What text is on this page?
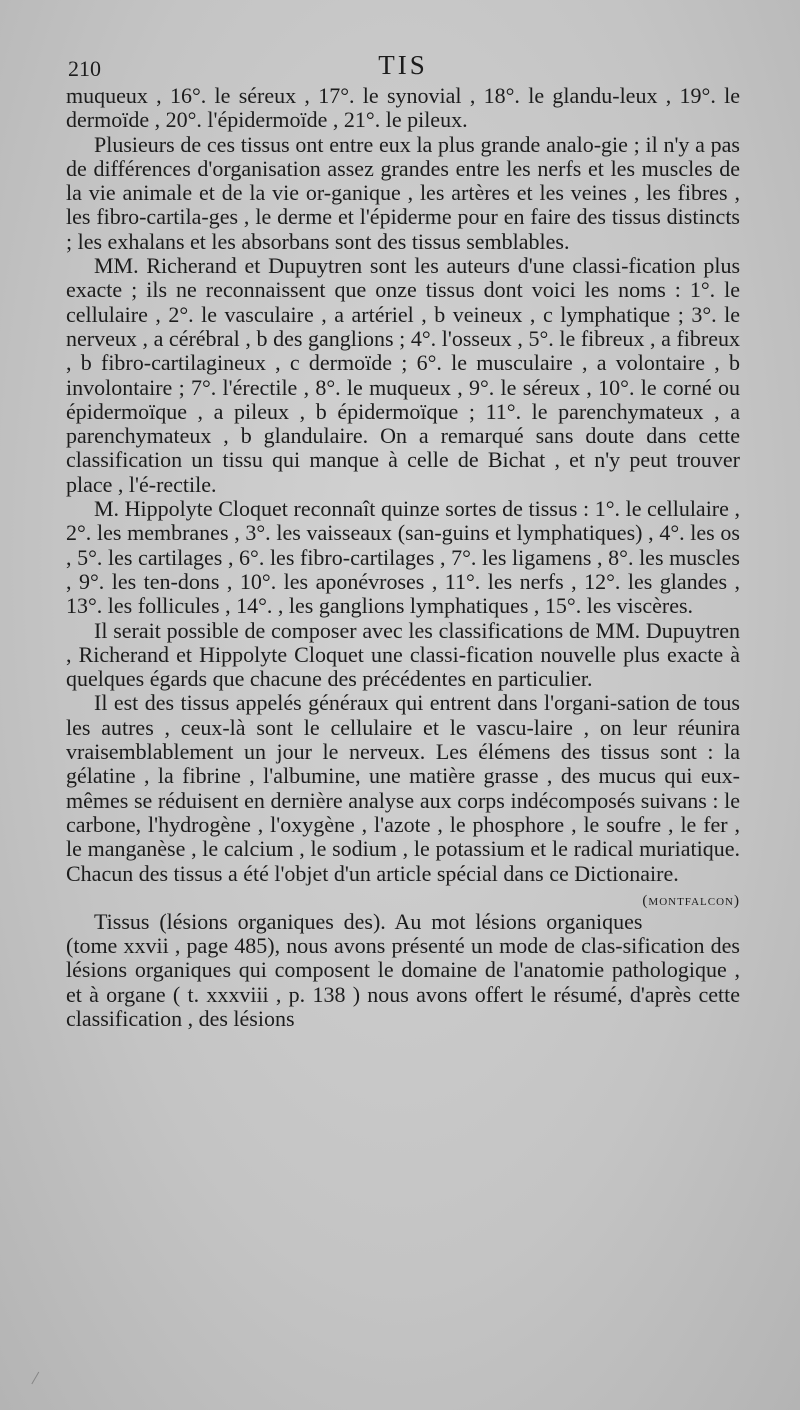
210	TIS

muqueux , 16°. le séreux , 17°. le synovial , 18°. le glandu-leux , 19°. le dermoïde , 20°. l'épidermoïde , 21°. le pileux.

Plusieurs de ces tissus ont entre eux la plus grande analo-gie ; il n'y a pas de différences d'organisation assez grandes entre les nerfs et les muscles de la vie animale et de la vie or-ganique , les artères et les veines , les fibres , les fibro-cartila-ges , le derme et l'épiderme pour en faire des tissus distincts ; les exhalans et les absorbans sont des tissus semblables.

MM. Richerand et Dupuytren sont les auteurs d'une classi-fication plus exacte ; ils ne reconnaissent que onze tissus dont voici les noms : 1°. le cellulaire , 2°. le vasculaire , a artériel , b veineux , c lymphatique ; 3°. le nerveux , a cérébral , b des ganglions ; 4°. l'osseux , 5°. le fibreux , a fibreux , b fibro-cartilagineux , c dermoïde ; 6°. le musculaire , a volontaire , b involontaire ; 7°. l'érectile , 8°. le muqueux , 9°. le séreux , 10°. le corné ou épidermoïque , a pileux , b épidermoïque ; 11°. le parenchymateux , a parenchymateux , b glandulaire. On a remarqué sans doute dans cette classification un tissu qui manque à celle de Bichat , et n'y peut trouver place , l'é-rectile.

M. Hippolyte Cloquet reconnaît quinze sortes de tissus : 1°. le cellulaire , 2°. les membranes , 3°. les vaisseaux (san-guins et lymphatiques) , 4°. les os , 5°. les cartilages , 6°. les fibro-cartilages , 7°. les ligamens , 8°. les muscles , 9°. les ten-dons , 10°. les aponévroses , 11°. les nerfs , 12°. les glandes , 13°. les follicules , 14°. , les ganglions lymphatiques , 15°. les viscères.

Il serait possible de composer avec les classifications de MM. Dupuytren , Richerand et Hippolyte Cloquet une classi-fication nouvelle plus exacte à quelques égards que chacune des précédentes en particulier.

Il est des tissus appelés généraux qui entrent dans l'organi-sation de tous les autres , ceux-là sont le cellulaire et le vascu-laire , on leur réunira vraisemblablement un jour le nerveux. Les élémens des tissus sont : la gélatine , la fibrine , l'albumine, une matière grasse , des mucus qui eux-mêmes se réduisent en dernière analyse aux corps indécomposés suivans : le carbone, l'hydrogène , l'oxygène , l'azote , le phosphore , le soufre , le fer , le manganèse , le calcium , le sodium , le potassium et le radical muriatique. Chacun des tissus a été l'objet d'un article spécial dans ce Dictionaire.

(montfalcon)

Tissus (lésions organiques des). Au mot lésions organiques (tome xxvii , page 485), nous avons présenté un mode de clas-sification des lésions organiques qui composent le domaine de l'anatomie pathologique , et à organe ( t. xxxviii , p. 138 ) nous avons offert le résumé, d'après cette classification , des lésions
